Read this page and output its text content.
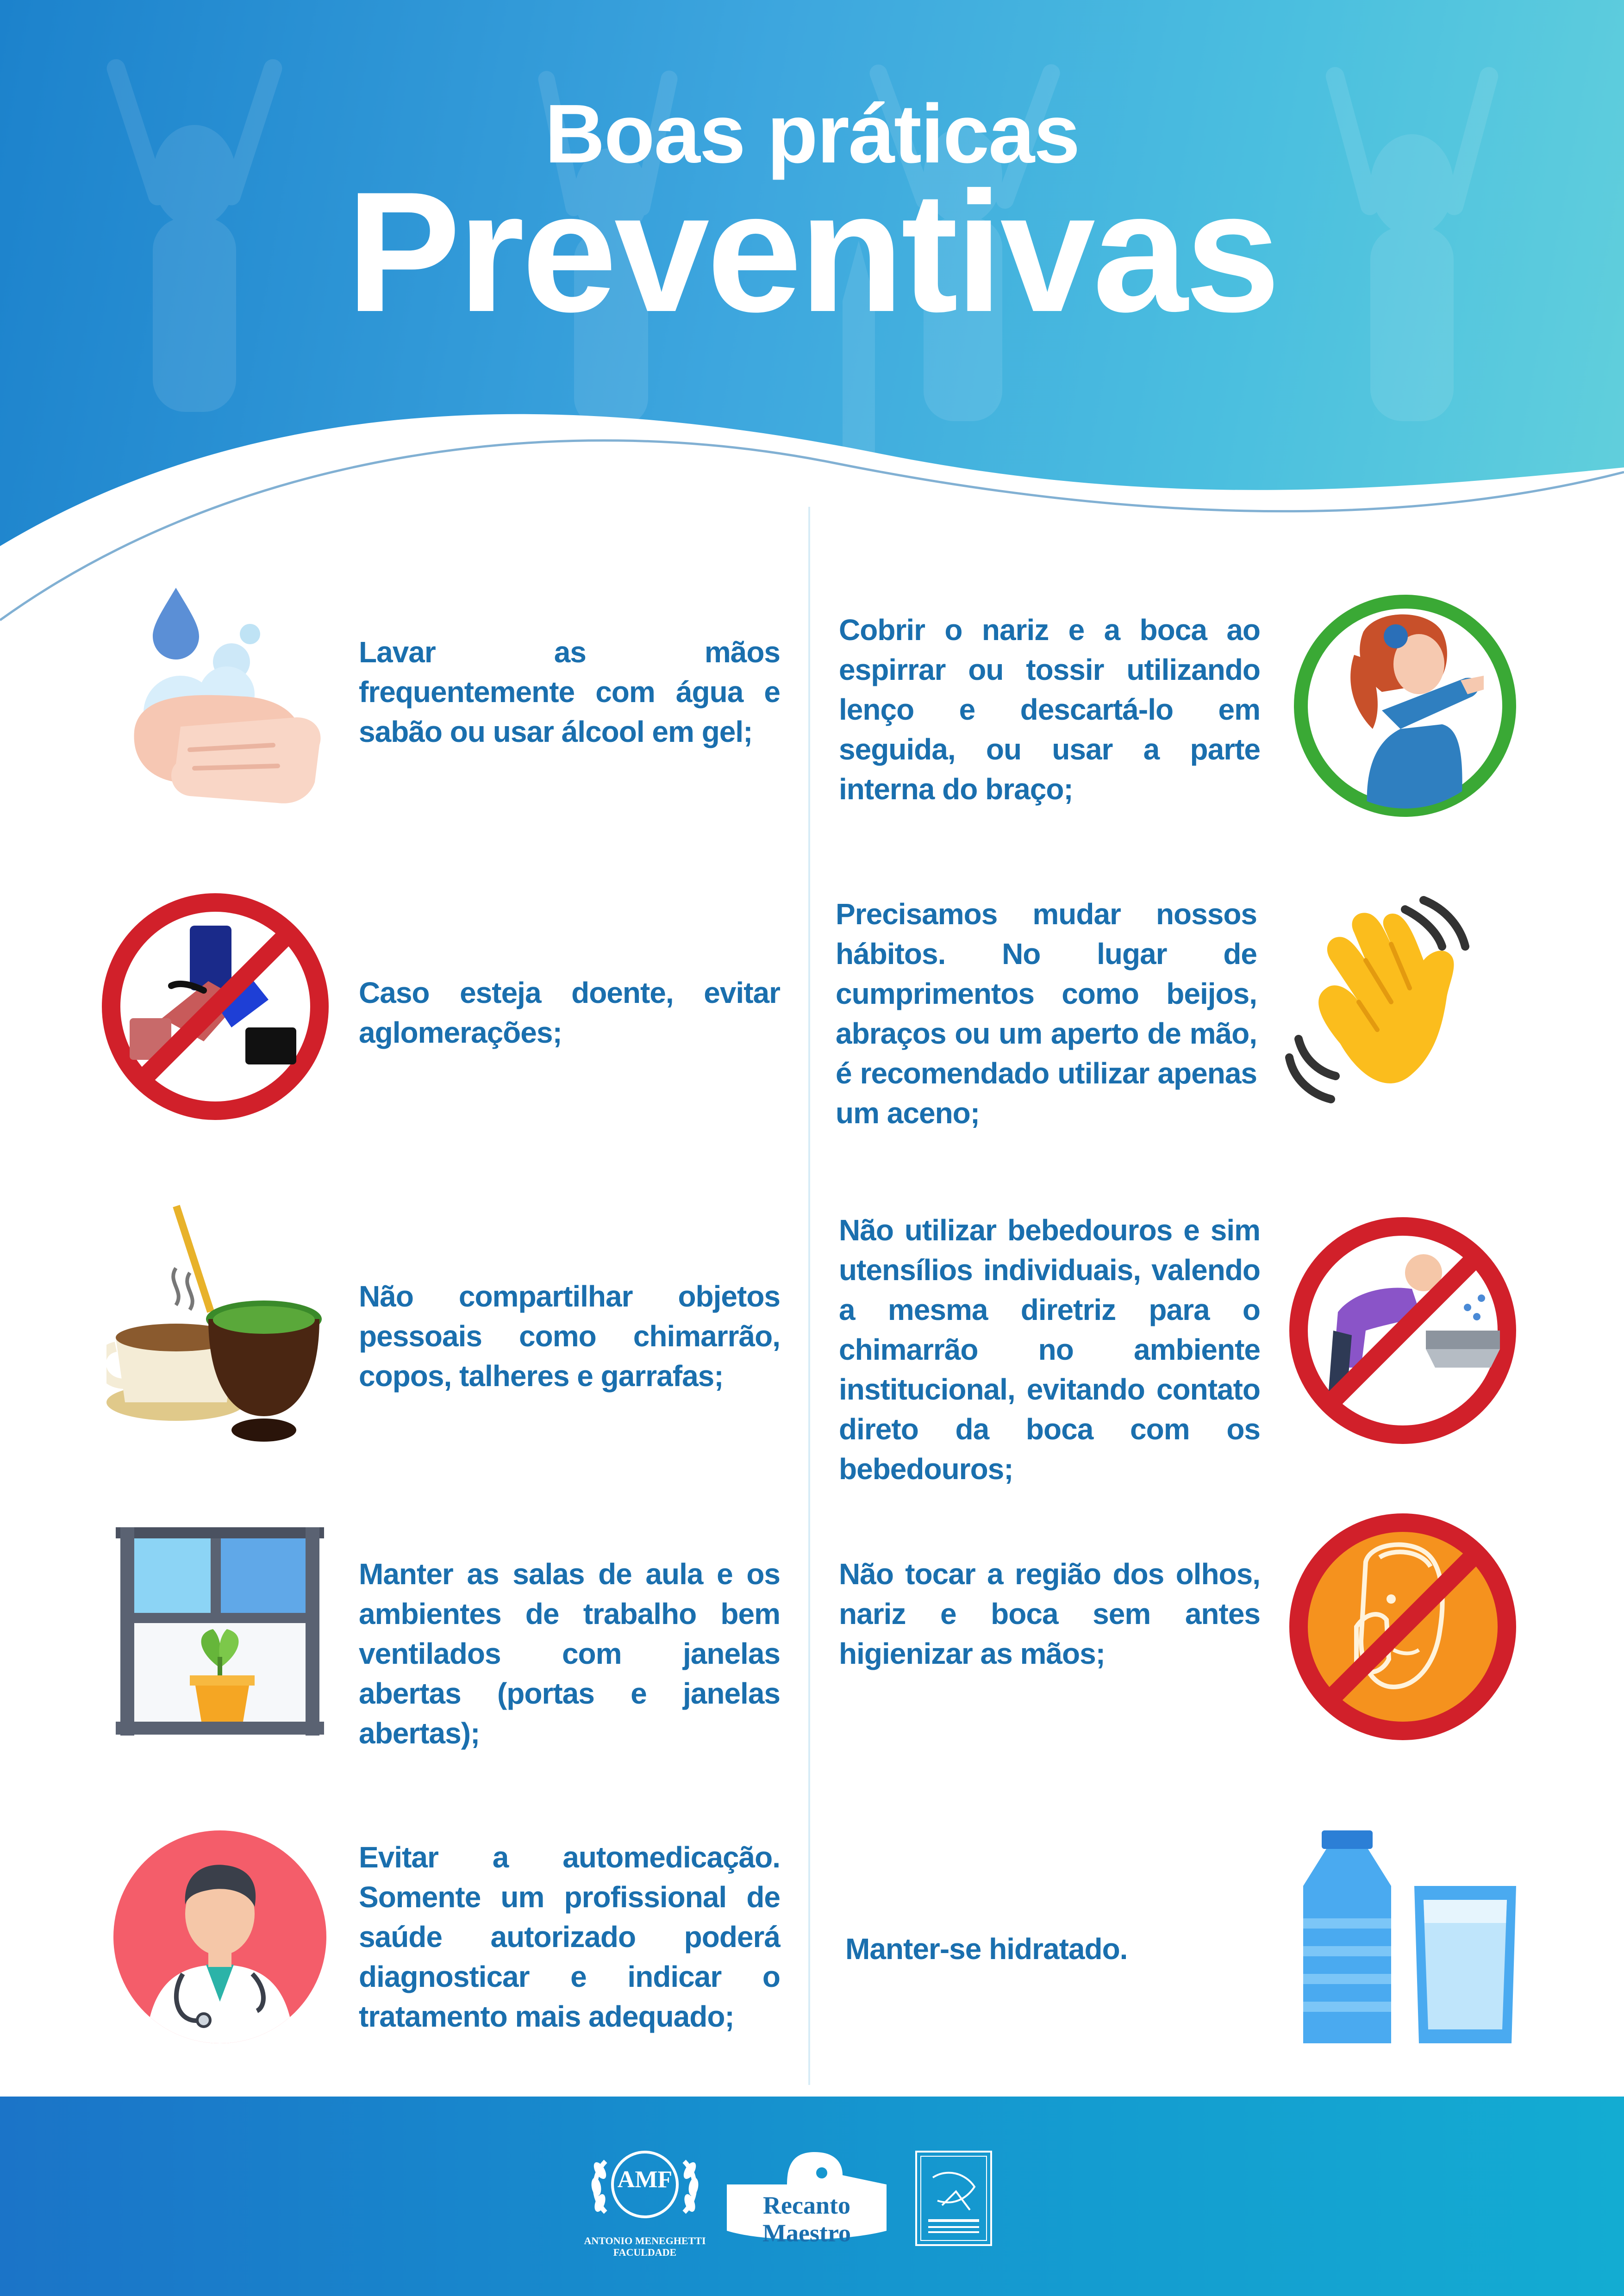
Boas práticas
Preventivas
Lavar as mãos frequentemente com água e sabão ou usar álcool em gel;
Caso esteja doente, evitar aglomerações;
Não compartilhar objetos pessoais como chimarrão, copos, talheres e garrafas;
Manter as salas de aula e os ambientes de trabalho bem ventilados com janelas abertas (portas e janelas abertas);
Evitar a automedicação. Somente um profissional de saúde autorizado poderá diagnosticar e indicar o tratamento mais adequado;
Cobrir o nariz e a boca ao espirrar ou tossir utilizando lenço e descartá-lo em seguida, ou usar a parte interna do braço;
Precisamos mudar nossos hábitos. No lugar de cumprimentos como beijos, abraços ou um aperto de mão, é recomendado utilizar apenas um aceno;
Não utilizar bebedouros e sim utensílios individuais, valendo a mesma diretriz para o chimarrão no ambiente institucional, evitando contato direto da boca com os bebedouros;
Não tocar a região dos olhos, nariz e boca sem antes higienizar as mãos;
Manter-se hidratado.
AMF
ANTONIO MENEGHETTI
FACULDADE
Recanto Maestro
